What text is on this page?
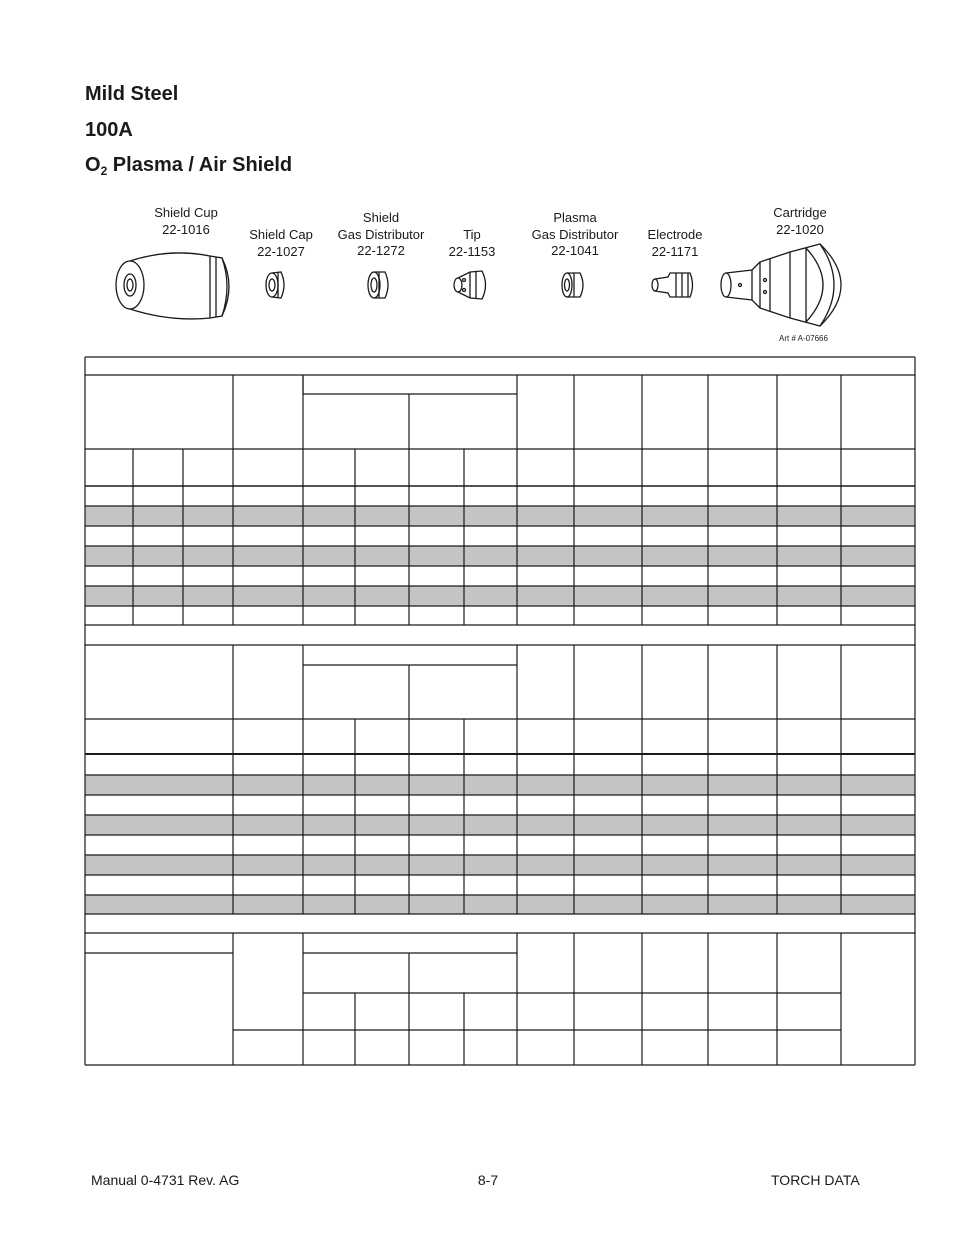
Mild Steel
100A
$O_2$ Plasma / Air Shield
Shield Cup
22-1016	Shield Cap
22-1027
Shield
Gas Distributor
22-1272
Tip
22-1153
Plasma
Gas Distributor
22-1041
Electrode
22-1171
Cartridge
22-1020
Art # A-07666
Manual 0-4731 Rev. AG	8-7	TORCH DATA
